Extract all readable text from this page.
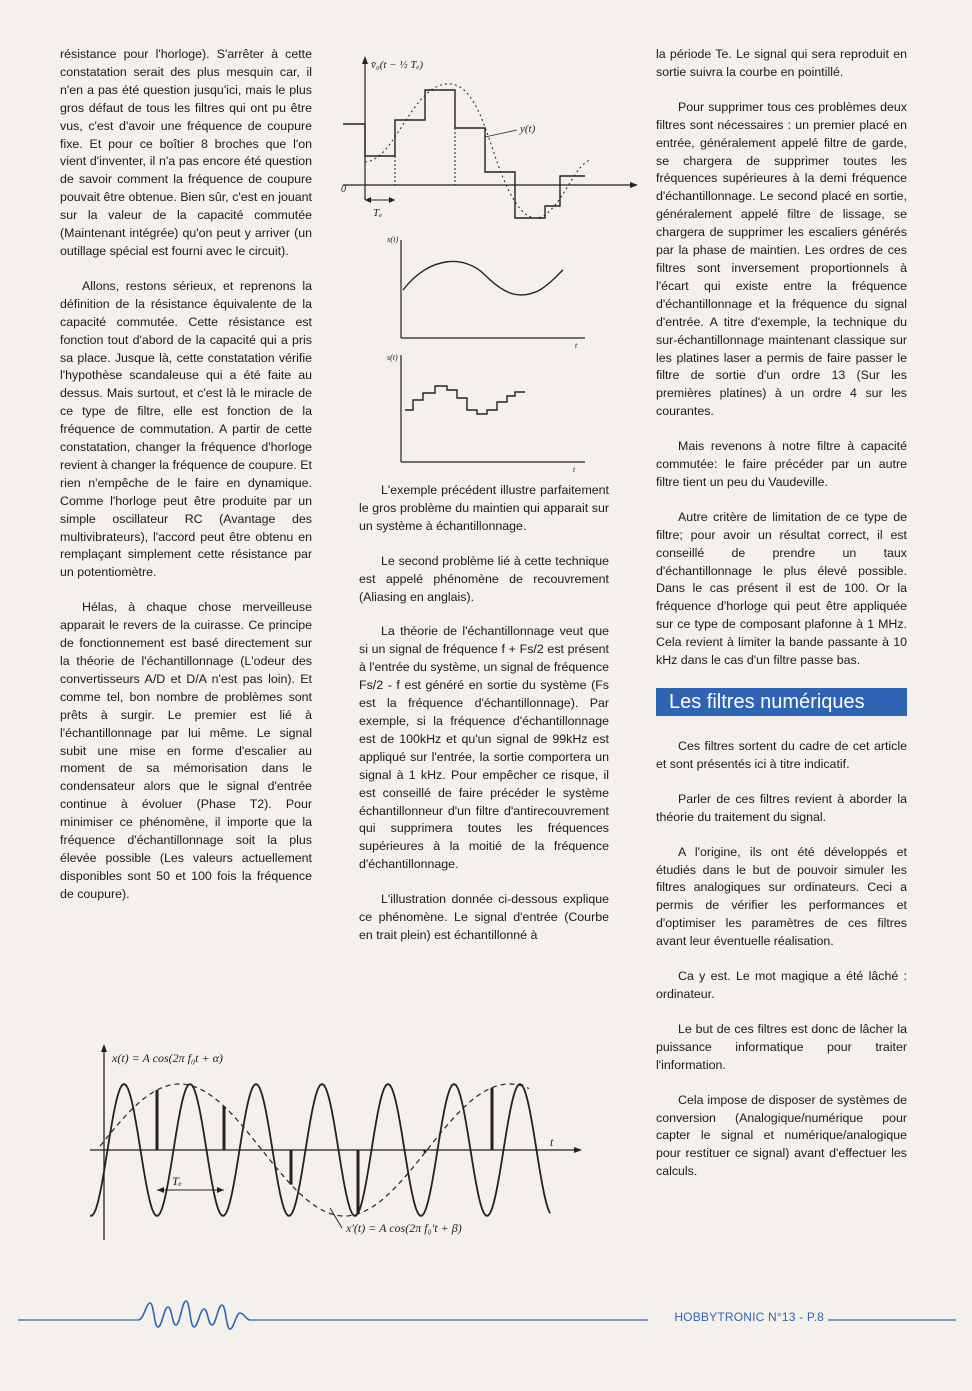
résistance pour l'horloge). S'arrêter à cette constatation serait des plus mesquin car, il n'en a pas été question jusqu'ici, mais le plus gros défaut de tous les filtres qui ont pu être vus, c'est d'avoir une fréquence de coupure fixe. Et pour ce boîtier 8 broches que l'on vient d'inventer, il n'a pas encore été question de savoir comment la fréquence de coupure pouvait être obtenue. Bien sûr, c'est en jouant sur la valeur de la capacité commutée (Maintenant intégrée) qu'on peut y arriver (un outillage spécial est fourni avec le circuit).

Allons, restons sérieux, et reprenons la définition de la résistance équivalente de la capacité commutée. Cette résistance est fonction tout d'abord de la capacité qui a pris sa place. Jusque là, cette constatation vérifie l'hypothèse scandaleuse qui a été faite au dessus. Mais surtout, et c'est là le miracle de ce type de filtre, elle est fonction de la fréquence de commutation. A partir de cette constatation, changer la fréquence d'horloge revient à changer la fréquence de coupure. Et rien n'empêche de le faire en dynamique. Comme l'horloge peut être produite par un simple oscillateur RC (Avantage des multivibrateurs), l'accord peut être obtenu en remplaçant simplement cette résistance par un potentiomètre.

Hélas, à chaque chose merveilleuse apparait le revers de la cuirasse. Ce principe de fonctionnement est basé directement sur la théorie de l'échantillonnage (L'odeur des convertisseurs A/D et D/A n'est pas loin). Et comme tel, bon nombre de problèmes sont prêts à surgir. Le premier est lié à l'échantillonnage par lui même. Le signal subit une mise en forme d'escalier au moment de sa mémorisation dans le condensateur alors que le signal d'entrée continue à évoluer (Phase T2). Pour minimiser ce phénomène, il importe que la fréquence d'échantillonnage soit la plus élevée possible (Les valeurs actuellement disponibles sont 50 et 100 fois la fréquence de coupure).

v̄₀(t − ½ Tₑ)
0
y(t)
Tₑ
x(t)
t
s(t)
t

L'exemple précédent illustre parfaitement le gros problème du maintien qui apparait sur un système à échantillonnage.

Le second problème lié à cette technique est appelé phénomène de recouvrement (Aliasing en anglais).

La théorie de l'échantillonnage veut que si un signal de fréquence f + Fs/2 est présent à l'entrée du système, un signal de fréquence Fs/2 - f est généré en sortie du système (Fs est la fréquence d'échantillonnage). Par exemple, si la fréquence d'échantillonnage est de 100kHz et qu'un signal de 99kHz est appliqué sur l'entrée, la sortie comportera un signal à 1 kHz. Pour empêcher ce risque, il est conseillé de faire précéder le système échantillonneur d'un filtre d'antirecouvrement qui supprimera toutes les fréquences supérieures à la moitié de la fréquence d'échantillonnage.

L'illustration donnée ci-dessous explique ce phénomène. Le signal d'entrée (Courbe en trait plein) est échantillonné à

la période Te. Le signal qui sera reproduit en sortie suivra la courbe en pointillé.

Pour supprimer tous ces problèmes deux filtres sont nécessaires : un premier placé en entrée, généralement appelé filtre de garde, se chargera de supprimer toutes les fréquences supérieures à la demi fréquence d'échantillonnage. Le second placé en sortie, généralement appelé filtre de lissage, se chargera de supprimer les escaliers générés par la phase de maintien. Les ordres de ces filtres sont inversement proportionnels à l'écart qui existe entre la fréquence d'échantillonnage et la fréquence du signal d'entrée. A titre d'exemple, la technique du sur-échantillonnage maintenant classique sur les platines laser a permis de faire passer le filtre de sortie d'un ordre 13 (Sur les premières platines) à un ordre 4 sur les courantes.

Mais revenons à notre filtre à capacité commutée: le faire précéder par un autre filtre tient un peu du Vaudeville.

Autre critère de limitation de ce type de filtre; pour avoir un résultat correct, il est conseillé de prendre un taux d'échantillonnage le plus élevé possible. Dans le cas présent il est de 100. Or la fréquence d'horloge qui peut être appliquée sur ce type de composant plafonne à 1 MHz. Cela revient à limiter la bande passante à 10 kHz dans le cas d'un filtre passe bas.

Les filtres numériques

Ces filtres sortent du cadre de cet article et sont présentés ici à titre indicatif.

Parler de ces filtres revient à aborder la théorie du traitement du signal.

A l'origine, ils ont été développés et étudiés dans le but de pouvoir simuler les filtres analogiques sur ordinateurs. Ceci a permis de vérifier les performances et d'optimiser les paramètres de ces filtres avant leur éventuelle réalisation.

Ca y est. Le mot magique a été lâché : ordinateur.

Le but de ces filtres est donc de lâcher la puissance informatique pour traiter l'information.

Cela impose de disposer de systèmes de conversion (Analogique/numérique pour capter le signal et numérique/analogique pour restituer ce signal) avant d'effectuer les calculs.

x(t) = A cos(2π f₀t + α)
t
Tₑ
x'(t) = A cos(2π f₀'t + β)
HOBBYTRONIC N°13 - P.8
